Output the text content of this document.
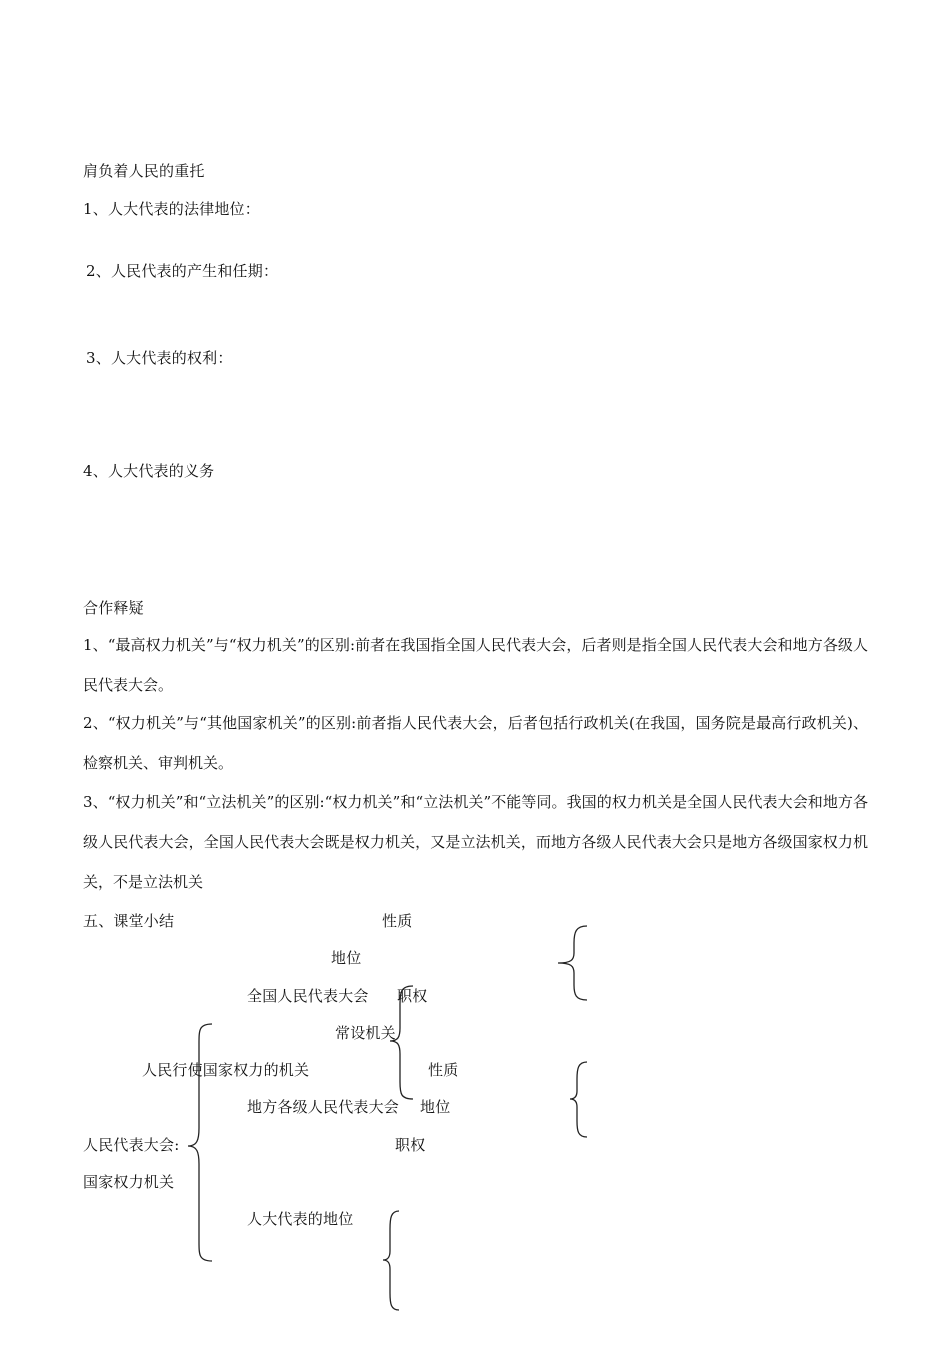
肩负着人民的重托
1、人大代表的法律地位：
2、人民代表的产生和任期：
3、人大代表的权利：
4、人大代表的义务
合作释疑
1、“最高权力机关”与“权力机关”的区别:前者在我国指全国人民代表大会，后者则是指全国人民代表大会和地方各级人民代表大会。
2、“权力机关”与“其他国家机关”的区别:前者指人民代表大会，后者包括行政机关(在我国，国务院是最高行政机关)、检察机关、审判机关。
3、“权力机关”和“立法机关”的区别:“权力机关”和“立法机关”不能等同。我国的权力机关是全国人民代表大会和地方各级人民代表大会，全国人民代表大会既是权力机关，又是立法机关，而地方各级人民代表大会只是地方各级国家权力机关，不是立法机关
五、课堂小结	性质
地位
全国人民代表大会 职权
常设机关
人民行使国家权力的机关	性质
地方各级人民代表大会 地位
人民代表大会:	职权
国家权力机关
人大代表的地位
